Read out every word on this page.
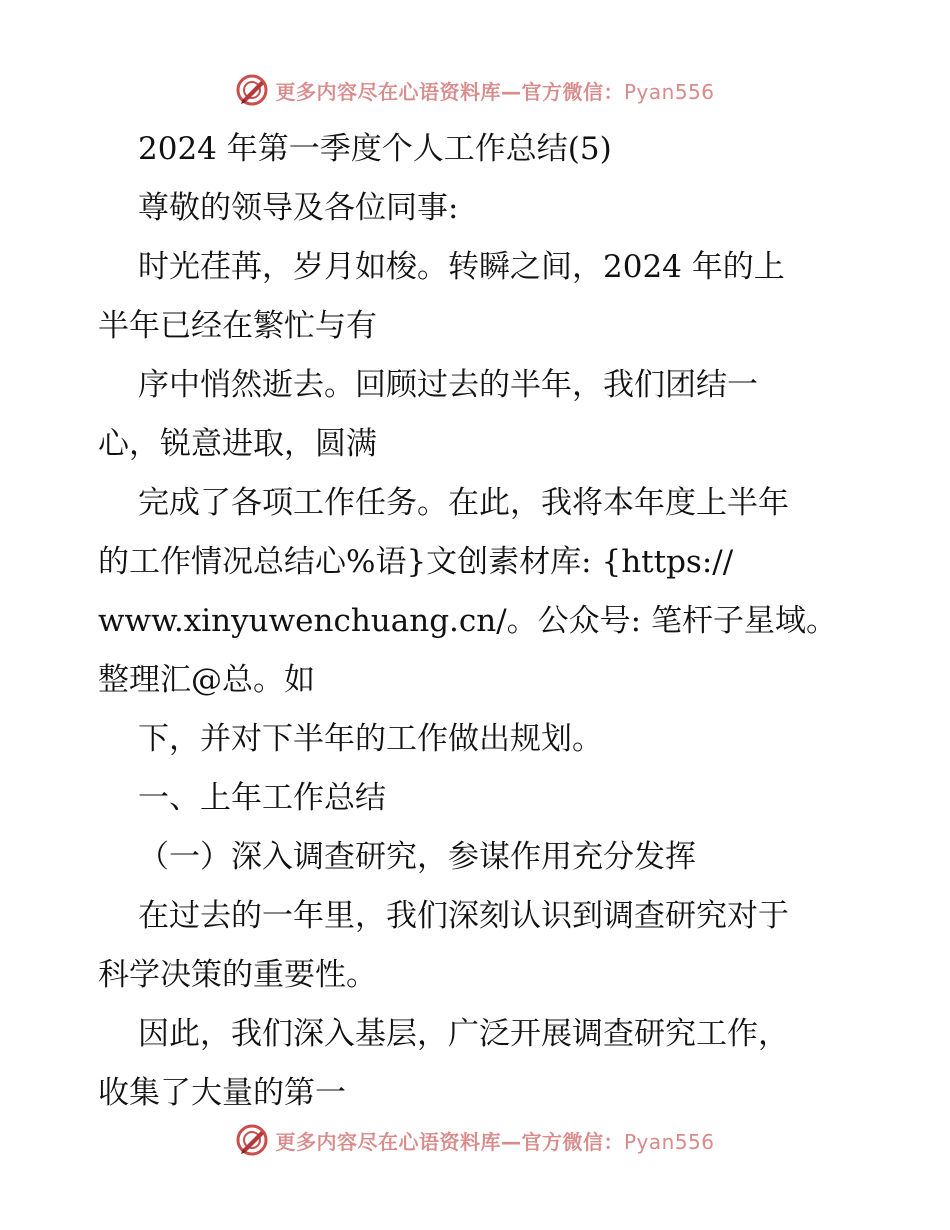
更多内容尽在心语资料库—官方微信：Pyan556
2024 年第一季度个人工作总结(5)
尊敬的领导及各位同事:
时光荏苒，岁月如梭。转瞬之间，2024 年的上
半年已经在繁忙与有
序中悄然逝去。回顾过去的半年，我们团结一
心，锐意进取，圆满
完成了各项工作任务。在此，我将本年度上半年
的工作情况总结心%语}文创素材库: {https://
www.xinyuwenchuang.cn/。公众号: 笔杆子星域。
整理汇@总。如
下，并对下半年的工作做出规划。
一、上年工作总结
（一）深入调查研究，参谋作用充分发挥
在过去的一年里，我们深刻认识到调查研究对于
科学决策的重要性。
因此，我们深入基层，广泛开展调查研究工作，
收集了大量的第一
更多内容尽在心语资料库—官方微信：Pyan556
